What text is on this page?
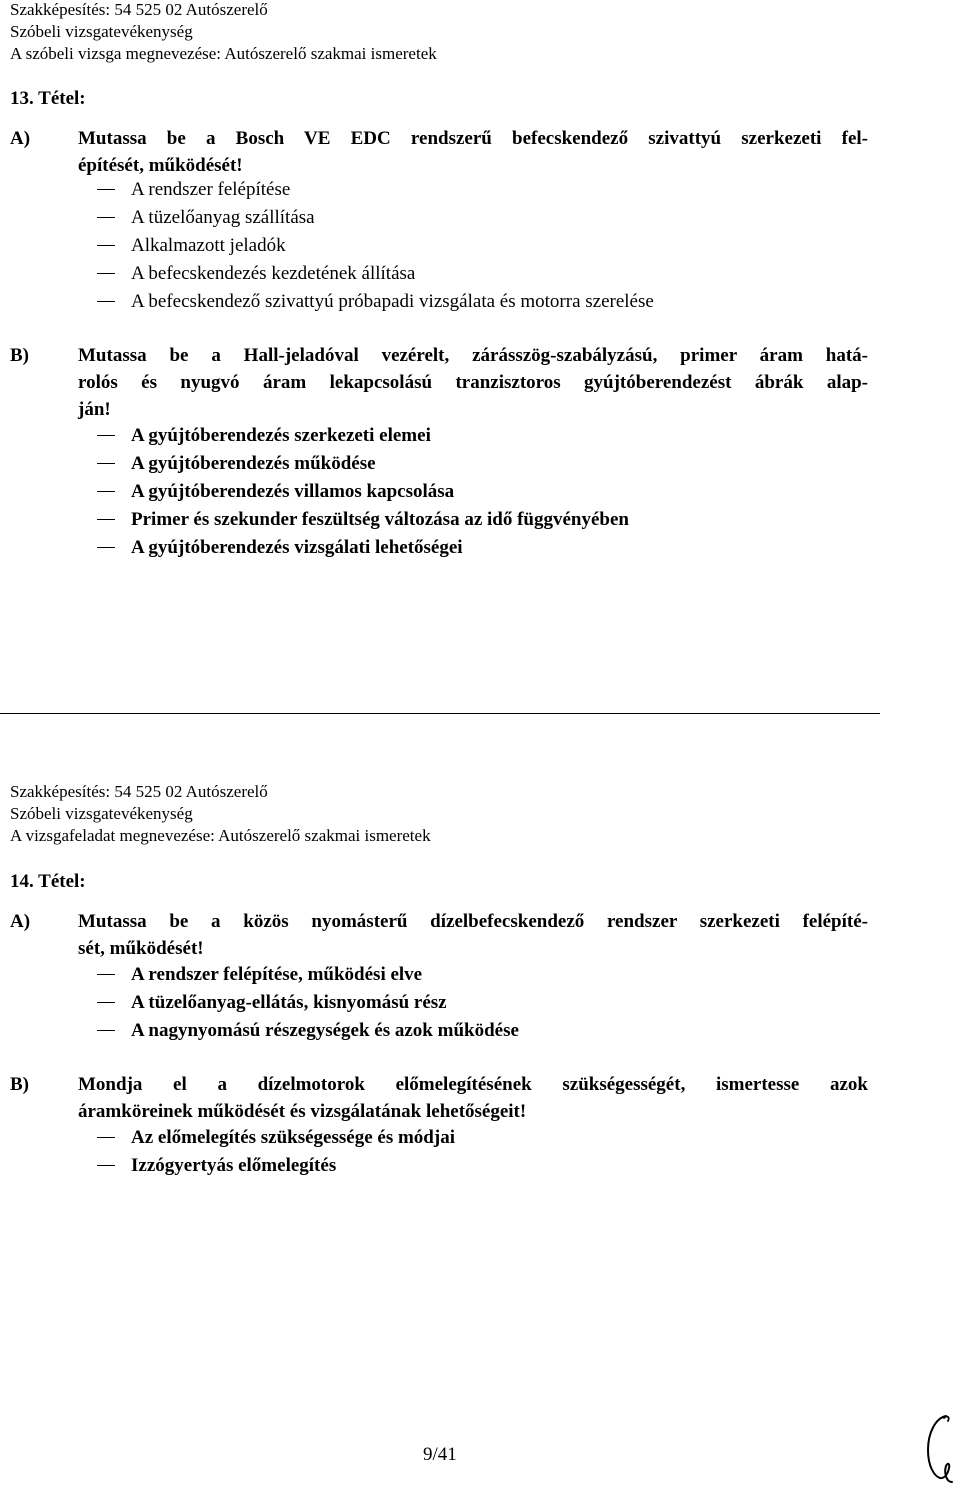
Szakképesítés: 54 525 02 Autószerelő
Szóbeli vizsgatevékenység
A szóbeli vizsga megnevezése: Autószerelő szakmai ismeretek
13. Tétel:
A)	Mutassa be a Bosch VE EDC rendszerű befecskendező szivattyú szerkezeti fel-
építését, működését!
A rendszer felépítése
A tüzelőanyag szállítása
Alkalmazott jeladók
A befecskendezés kezdetének állítása
A befecskendező szivattyú próbapadi vizsgálata és motorra szerelése
B)	Mutassa be a Hall-jeladóval vezérelt, zárásszög-szabályzású, primer áram hatá-
rolós és nyugvó áram lekapcsolású tranzisztoros gyújtóberendezést ábrák alap-
ján!
A gyújtóberendezés szerkezeti elemei
A gyújtóberendezés működése
A gyújtóberendezés villamos kapcsolása
Primer és szekunder feszültség változása az idő függvényében
A gyújtóberendezés vizsgálati lehetőségei
Szakképesítés: 54 525 02 Autószerelő
Szóbeli vizsgatevékenység
A vizsgafeladat megnevezése: Autószerelő szakmai ismeretek
14. Tétel:
A)	Mutassa be a közös nyomásterű dízelbefecskendező rendszer szerkezeti felépíté-
sét, működését!
A rendszer felépítése, működési elve
A tüzelőanyag-ellátás, kisnyomású rész
A nagynyomású részegységek és azok működése
B)	Mondja el a dízelmotorok előmelegítésének szükségességét, ismertesse azok
áramköreinek működését és vizsgálatának lehetőségeit!
Az előmelegítés szükségessége és módjai
Izzógyertyás előmelegítés
9/41
